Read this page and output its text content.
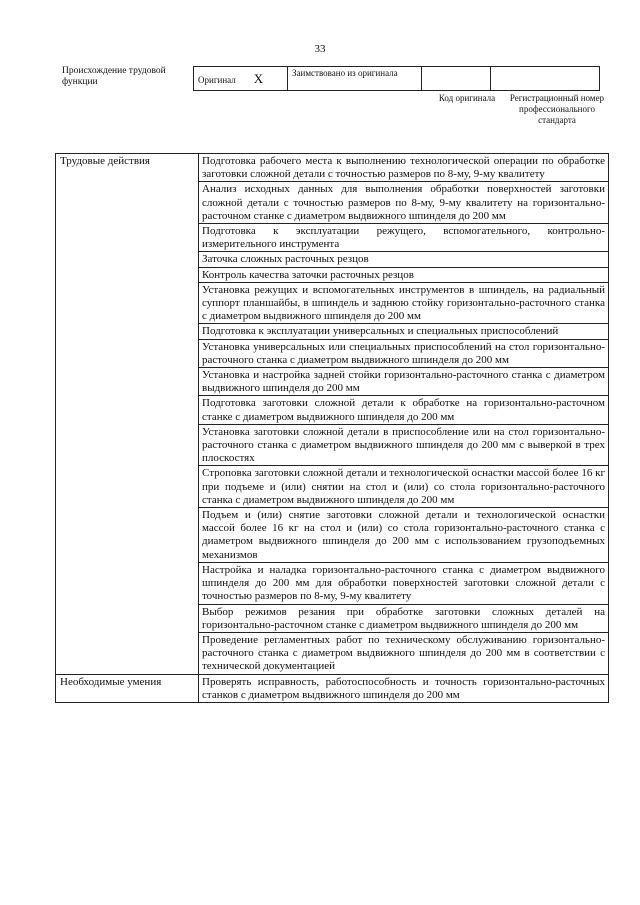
33
Происхождение трудовой функции	Оригинал X	Заимствовано из оригинала		
Код оригинала	Регистрационный номер профессионального стандарта
Трудовые действия	Подготовка рабочего места к выполнению технологической операции по обработке заготовки сложной детали с точностью размеров по 8-му, 9-му квалитету
	Анализ исходных данных для выполнения обработки поверхностей заготовки сложной детали с точностью размеров по 8-му, 9-му квалитету на горизонтально-расточном станке с диаметром выдвижного шпинделя до 200 мм
	Подготовка к эксплуатации режущего, вспомогательного, контрольно-измерительного инструмента
	Заточка сложных расточных резцов
	Контроль качества заточки расточных резцов
	Установка режущих и вспомогательных инструментов в шпиндель, на радиальный суппорт планшайбы, в шпиндель и заднюю стойку горизонтально-расточного станка с диаметром выдвижного шпинделя до 200 мм
	Подготовка к эксплуатации универсальных и специальных приспособлений
	Установка универсальных или специальных приспособлений на стол горизонтально-расточного станка с диаметром выдвижного шпинделя до 200 мм
	Установка и настройка задней стойки горизонтально-расточного станка с диаметром выдвижного шпинделя до 200 мм
	Подготовка заготовки сложной детали к обработке на горизонтально-расточном станке с диаметром выдвижного шпинделя до 200 мм
	Установка заготовки сложной детали в приспособление или на стол горизонтально-расточного станка с диаметром выдвижного шпинделя до 200 мм с выверкой в трех плоскостях
	Строповка заготовки сложной детали и технологической оснастки массой более 16 кг при подъеме и (или) снятии на стол и (или) со стола горизонтально-расточного станка с диаметром выдвижного шпинделя до 200 мм
	Подъем и (или) снятие заготовки сложной детали и технологической оснастки массой более 16 кг на стол и (или) со стола горизонтально-расточного станка с диаметром выдвижного шпинделя до 200 мм с использованием грузоподъемных механизмов
	Настройка и наладка горизонтально-расточного станка с диаметром выдвижного шпинделя до 200 мм для обработки поверхностей заготовки сложной детали с точностью размеров по 8-му, 9-му квалитету
	Выбор режимов резания при обработке заготовки сложных деталей на горизонтально-расточном станке с диаметром выдвижного шпинделя до 200 мм
	Проведение регламентных работ по техническому обслуживанию горизонтально-расточного станка с диаметром выдвижного шпинделя до 200 мм в соответствии с технической документацией
Необходимые умения	Проверять исправность, работоспособность и точность горизонтально-расточных станков с диаметром выдвижного шпинделя до 200 мм
